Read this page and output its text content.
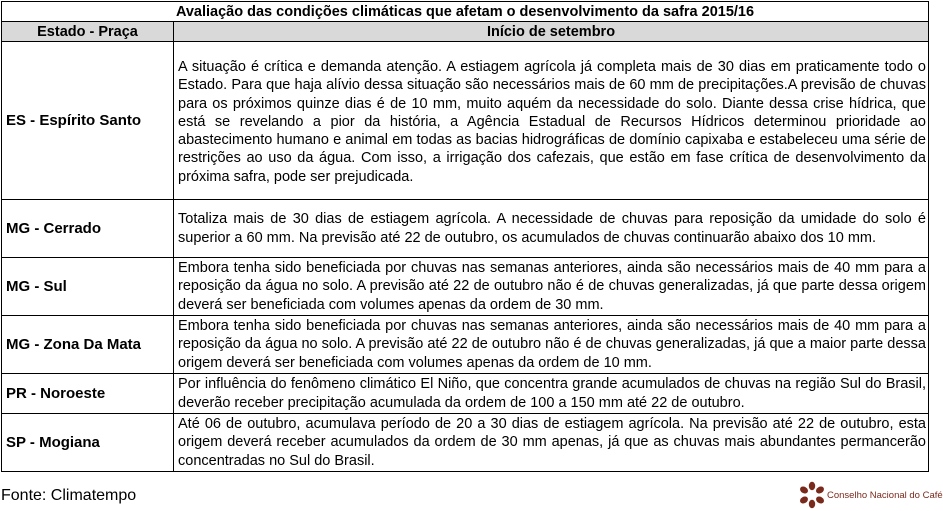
Avaliação das condições climáticas que afetam o desenvolvimento da safra 2015/16	
Estado - Praça	Início de setembro
ES - Espírito Santo	A situação é crítica e demanda atenção. A estiagem agrícola já completa mais de 30 dias em praticamente todo o Estado. Para que haja alívio dessa situação são necessários mais de 60 mm de precipitações.A previsão de chuvas para os próximos quinze dias é de 10 mm, muito aquém da necessidade do solo. Diante dessa crise hídrica, que está se revelando a pior da história, a Agência Estadual de Recursos Hídricos determinou prioridade ao abastecimento humano e animal em todas as bacias hidrográficas de domínio capixaba e estabeleceu uma série de restrições ao uso da água. Com isso, a irrigação dos cafezais, que estão em fase crítica de desenvolvimento da próxima safra, pode ser prejudicada.
MG - Cerrado	Totaliza mais de 30 dias de estiagem agrícola. A necessidade de chuvas para reposição da umidade do solo é superior a 60 mm. Na previsão até 22 de outubro, os acumulados de chuvas continuarão abaixo dos 10 mm.
MG - Sul	Embora tenha sido beneficiada por chuvas nas semanas anteriores, ainda são necessários mais de 40 mm para a reposição da água no solo. A previsão até 22 de outubro não é de chuvas generalizadas, já que parte dessa origem deverá ser beneficiada com volumes apenas da ordem de 30 mm.
MG - Zona Da Mata	Embora tenha sido beneficiada por chuvas nas semanas anteriores, ainda são necessários mais de 40 mm para a reposição da água no solo. A previsão até 22 de outubro não é de chuvas generalizadas, já que a maior parte dessa origem deverá ser beneficiada com volumes apenas da ordem de 10 mm.
PR - Noroeste	Por influência do fenômeno climático El Niño, que concentra grande acumulados de chuvas na região Sul do Brasil, deverão receber precipitação acumulada da ordem de 100 a 150 mm até 22 de outubro.
SP - Mogiana	Até 06 de outubro, acumulava período de 20 a 30 dias de estiagem agrícola. Na previsão até 22 de outubro, esta origem deverá receber acumulados da ordem de 30 mm apenas, já que as chuvas mais abundantes permancerão concentradas no Sul do Brasil.
Fonte: Climatempo	Conselho Nacional do Café
